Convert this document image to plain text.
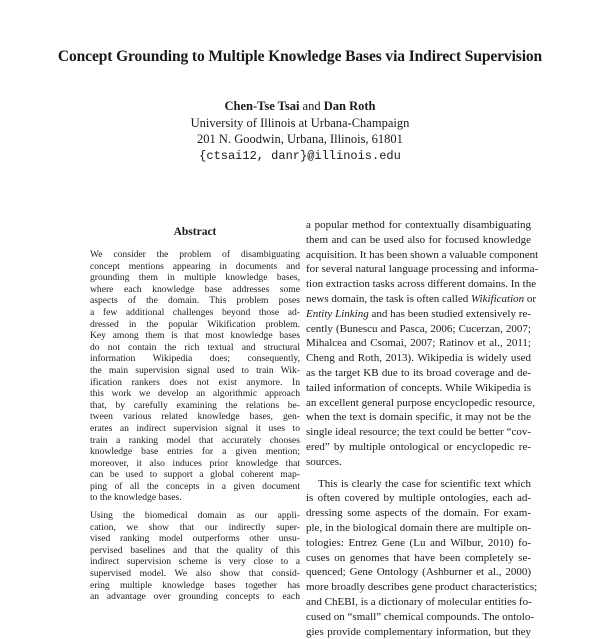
Concept Grounding to Multiple Knowledge Bases via Indirect Supervision
Chen-Tse Tsai and Dan Roth
University of Illinois at Urbana-Champaign
201 N. Goodwin, Urbana, Illinois, 61801
{ctsai12, danr}@illinois.edu
Abstract
We consider the problem of disambiguating
concept mentions appearing in documents and
grounding them in multiple knowledge bases,
where each knowledge base addresses some
aspects of the domain. This problem poses
a few additional challenges beyond those ad-
dressed in the popular Wikification problem.
Key among them is that most knowledge bases
do not contain the rich textual and structural
information Wikipedia does; consequently,
the main supervision signal used to train Wik-
ification rankers does not exist anymore. In
this work we develop an algorithmic approach
that, by carefully examining the relations be-
tween various related knowledge bases, gen-
erates an indirect supervision signal it uses to
train a ranking model that accurately chooses
knowledge base entries for a given mention;
moreover, it also induces prior knowledge that
can be used to support a global coherent map-
ping of all the concepts in a given document
to the knowledge bases.
Using the biomedical domain as our appli-
cation, we show that our indirectly super-
vised ranking model outperforms other unsu-
pervised baselines and that the quality of this
indirect supervision scheme is very close to a
supervised model. We also show that consid-
ering multiple knowledge bases together has
an advantage over grounding concepts to each
a popular method for contextually disambiguating
them and can be used also for focused knowledge
acquisition. It has been shown a valuable component
for several natural language processing and informa-
tion extraction tasks across different domains. In the
news domain, the task is often called Wikification or
Entity Linking and has been studied extensively re-
cently (Bunescu and Pasca, 2006; Cucerzan, 2007;
Mihalcea and Csomai, 2007; Ratinov et al., 2011;
Cheng and Roth, 2013). Wikipedia is widely used
as the target KB due to its broad coverage and de-
tailed information of concepts. While Wikipedia is
an excellent general purpose encyclopedic resource,
when the text is domain specific, it may not be the
single ideal resource; the text could be better “cov-
ered” by multiple ontological or encyclopedic re-
sources.
This is clearly the case for scientific text which
is often covered by multiple ontologies, each ad-
dressing some aspects of the domain. For exam-
ple, in the biological domain there are multiple on-
tologies: Entrez Gene (Lu and Wilbur, 2010) fo-
cuses on genomes that have been completely se-
quenced; Gene Ontology (Ashburner et al., 2000)
more broadly describes gene product characteristics;
and ChEBI, is a dictionary of molecular entities fo-
cused on “small” chemical compounds. The ontolo-
gies provide complementary information, but they
